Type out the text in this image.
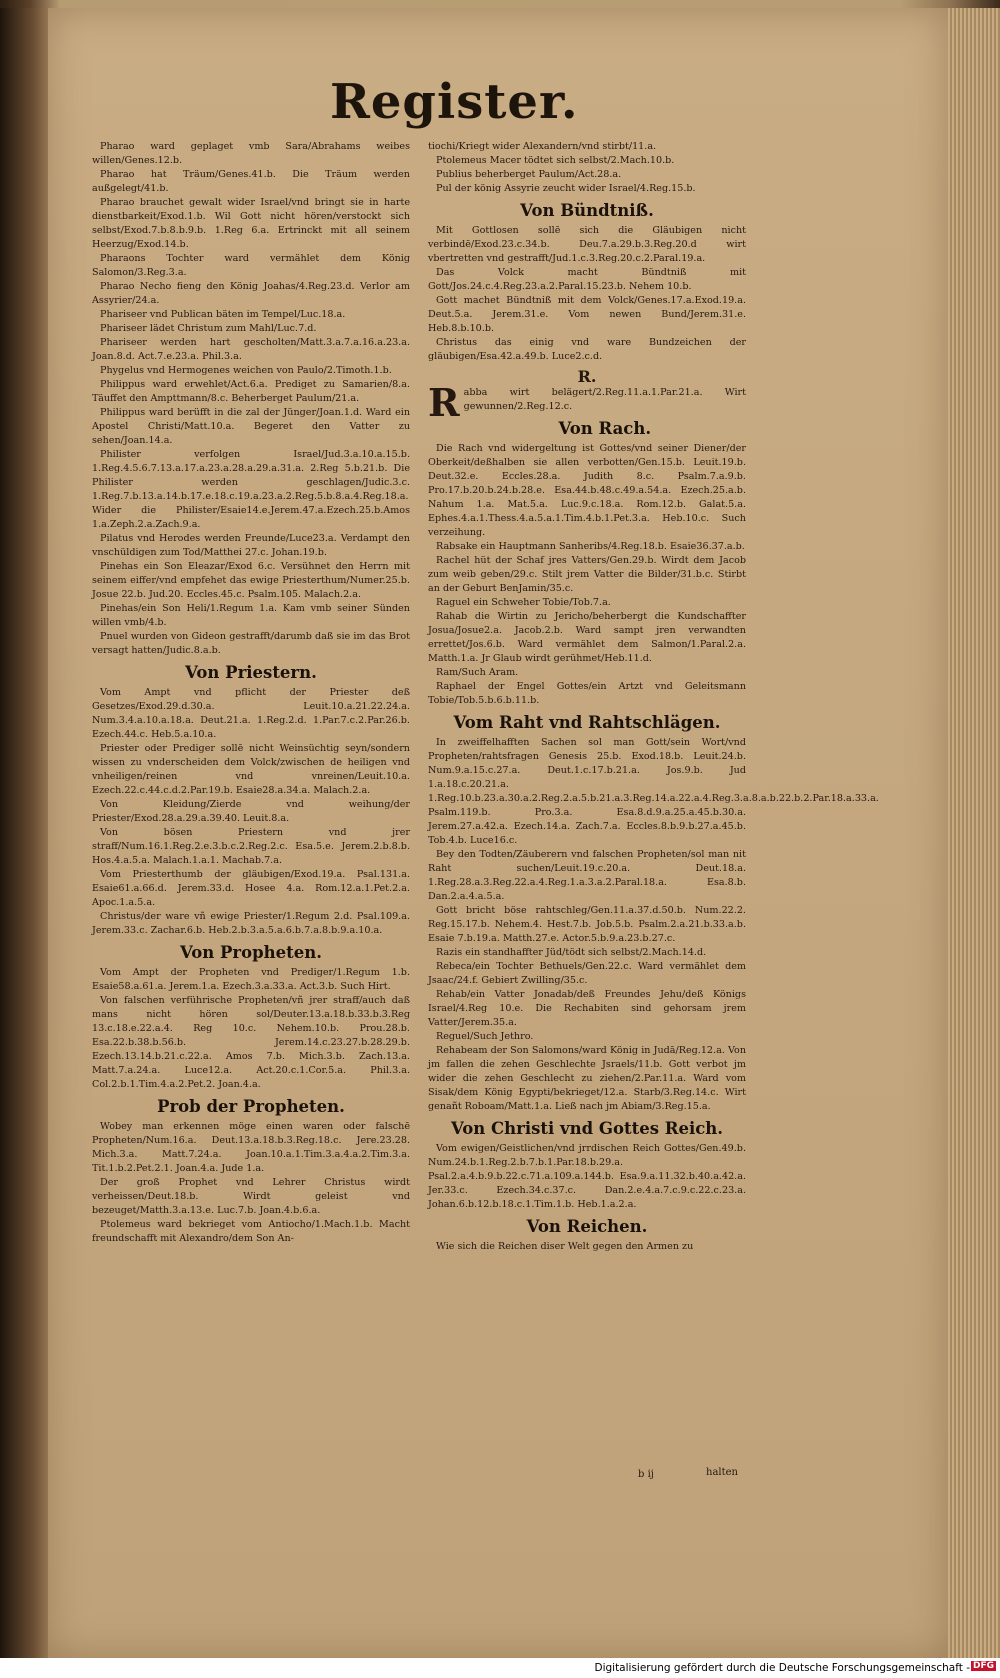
Register.
Pharao ward geplaget vmb Sara/Abrahams weibes willen/Genes.12.b.
Pharao hat Träum/Genes.41.b. Die Träum werden außgelegt/41.b.
Pharao brauchet gewalt wider Israel/vnd bringt sie in harte dienstbarkeit/Exod.1.b. Wil Gott nicht hören/verstockt sich selbst/Exod.7.b.8.b.9.b. 1.Reg 6.a. Ertrinckt mit all seinem Heerzug/Exod.14.b.
Pharaons Tochter ward vermählet dem König Salomon/3.Reg.3.a.
Pharao Necho fieng den König Joahas/4.Reg.23.d. Verlor am Assyrier/24.a.
Phariseer vnd Publican bäten im Tempel/Luc.18.a.
Phariseer lädet Christum zum Mahl/Luc.7.d.
Phariseer werden hart gescholten/Matt.3.a.7.a.16.a.23.a. Joan.8.d. Act.7.e.23.a. Phil.3.a.
Phygelus vnd Hermogenes weichen von Paulo/2.Timoth.1.b.
Philippus ward erwehlet/Act.6.a. Prediget zu Samarien/8.a. Täuffet den Ampttmann/8.c. Beherberget Paulum/21.a.
Philippus ward berüfft in die zal der Jünger/Joan.1.d. Ward ein Apostel Christi/Matt.10.a. Begeret den Vatter zu sehen/Joan.14.a.
Philister verfolgen Israel/Jud.3.a.10.a.15.b. 1.Reg.4.5.6.7.13.a.17.a.23.a.28.a.29.a.31.a. 2.Reg 5.b.21.b. Die Philister werden geschlagen/Judic.3.c. 1.Reg.7.b.13.a.14.b.17.e.18.c.19.a.23.a.2.Reg.5.b.8.a.4.Reg.18.a. Wider die Philister/Esaie14.e.Jerem.47.a.Ezech.25.b.Amos 1.a.Zeph.2.a.Zach.9.a.
Pilatus vnd Herodes werden Freunde/Luce23.a. Verdampt den vnschüldigen zum Tod/Matthei 27.c. Johan.19.b.
Pinehas ein Son Eleazar/Exod 6.c. Versühnet den Herrn mit seinem eiffer/vnd empfehet das ewige Priesterthum/Numer.25.b. Josue 22.b. Jud.20. Eccles.45.c. Psalm.105. Malach.2.a.
Pinehas/ein Son Heli/1.Regum 1.a. Kam vmb seiner Sünden willen vmb/4.b.
Pnuel wurden von Gideon gestrafft/darumb daß sie im das Brot versagt hatten/Judic.8.a.b.
Von Priestern.
Vom Ampt vnd pflicht der Priester deß Gesetzes/Exod.29.d.30.a. Leuit.10.a.21.22.24.a. Num.3.4.a.10.a.18.a. Deut.21.a. 1.Reg.2.d. 1.Par.7.c.2.Par.26.b. Ezech.44.c. Heb.5.a.10.a.
Priester oder Prediger sollē nicht Weinsüchtig seyn/sondern wissen zu vnderscheiden dem Volck/zwischen de heiligen vnd vnheiligen/reinen vnd vnreinen/Leuit.10.a. Ezech.22.c.44.c.d.2.Par.19.b. Esaie28.a.34.a. Malach.2.a.
Von Kleidung/Zierde vnd weihung/der Priester/Exod.28.a.29.a.39.40. Leuit.8.a.
Von bösen Priestern vnd jrer straff/Num.16.1.Reg.2.e.3.b.c.2.Reg.2.c. Esa.5.e. Jerem.2.b.8.b. Hos.4.a.5.a. Malach.1.a.1. Machab.7.a.
Vom Priesterthumb der gläubigen/Exod.19.a. Psal.131.a. Esaie61.a.66.d. Jerem.33.d. Hosee 4.a. Rom.12.a.1.Pet.2.a. Apoc.1.a.5.a.
Christus/der ware vñ ewige Priester/1.Regum 2.d. Psal.109.a. Jerem.33.c. Zachar.6.b. Heb.2.b.3.a.5.a.6.b.7.a.8.b.9.a.10.a.
Von Propheten.
Vom Ampt der Propheten vnd Prediger/1.Regum 1.b. Esaie58.a.61.a. Jerem.1.a. Ezech.3.a.33.a. Act.3.b. Such Hirt.
Von falschen verführische Propheten/vñ jrer straff/auch daß mans nicht hören sol/Deuter.13.a.18.b.33.b.3.Reg 13.c.18.e.22.a.4. Reg 10.c. Nehem.10.b. Prou.28.b. Esa.22.b.38.b.56.b. Jerem.14.c.23.27.b.28.29.b. Ezech.13.14.b.21.c.22.a. Amos 7.b. Mich.3.b. Zach.13.a. Matt.7.a.24.a. Luce12.a. Act.20.c.1.Cor.5.a. Phil.3.a. Col.2.b.1.Tim.4.a.2.Pet.2. Joan.4.a.
Prob der Propheten.
Wobey man erkennen möge einen waren oder falschē Propheten/Num.16.a. Deut.13.a.18.b.3.Reg.18.c. Jere.23.28. Mich.3.a. Matt.7.24.a. Joan.10.a.1.Tim.3.a.4.a.2.Tim.3.a. Tit.1.b.2.Pet.2.1. Joan.4.a. Jude 1.a.
Der groß Prophet vnd Lehrer Christus wirdt verheissen/Deut.18.b. Wirdt geleist vnd bezeuget/Matth.3.a.13.e. Luc.7.b. Joan.4.b.6.a.
Ptolemeus ward bekrieget vom Antiocho/1.Mach.1.b. Macht freundschafft mit Alexandro/dem Son An-
tiochi/Kriegt wider Alexandern/vnd stirbt/11.a.
Ptolemeus Macer tödtet sich selbst/2.Mach.10.b.
Publius beherberget Paulum/Act.28.a.
Pul der könig Assyrie zeucht wider Israel/4.Reg.15.b.
Von Bündtniß.
Mit Gottlosen sollē sich die Gläubigen nicht verbindē/Exod.23.c.34.b. Deu.7.a.29.b.3.Reg.20.d wirt vbertretten vnd gestrafft/Jud.1.c.3.Reg.20.c.2.Paral.19.a.
Das Volck macht Bündtniß mit Gott/Jos.24.c.4.Reg.23.a.2.Paral.15.23.b. Nehem 10.b.
Gott machet Bündtniß mit dem Volck/Genes.17.a.Exod.19.a. Deut.5.a. Jerem.31.e. Vom newen Bund/Jerem.31.e. Heb.8.b.10.b.
Christus das einig vnd ware Bundzeichen der gläubigen/Esa.42.a.49.b. Luce2.c.d.
R.
Rabba wirt belägert/2.Reg.11.a.1.Par.21.a. Wirt gewunnen/2.Reg.12.c.
Von Rach.
Die Rach vnd widergeltung ist Gottes/vnd seiner Diener/der Oberkeit/deßhalben sie allen verbotten/Gen.15.b. Leuit.19.b. Deut.32.e. Eccles.28.a. Judith 8.c. Psalm.7.a.9.b. Pro.17.b.20.b.24.b.28.e. Esa.44.b.48.c.49.a.54.a. Ezech.25.a.b. Nahum 1.a. Mat.5.a. Luc.9.c.18.a. Rom.12.b. Galat.5.a. Ephes.4.a.1.Thess.4.a.5.a.1.Tim.4.b.1.Pet.3.a. Heb.10.c. Such verzeihung.
Rabsake ein Hauptmann Sanheribs/4.Reg.18.b. Esaie36.37.a.b.
Rachel hüt der Schaf jres Vatters/Gen.29.b. Wirdt dem Jacob zum weib geben/29.c. Stilt jrem Vatter die Bilder/31.b.c. Stirbt an der Geburt BenJamin/35.c.
Raguel ein Schweher Tobie/Tob.7.a.
Rahab die Wirtin zu Jericho/beherbergt die Kundschaffter Josua/Josue2.a. Jacob.2.b. Ward sampt jren verwandten errettet/Jos.6.b. Ward vermählet dem Salmon/1.Paral.2.a. Matth.1.a. Jr Glaub wirdt gerühmet/Heb.11.d.
Ram/Such Aram.
Raphael der Engel Gottes/ein Artzt vnd Geleitsmann Tobie/Tob.5.b.6.b.11.b.
Vom Raht vnd Rahtschlägen.
In zweiffelhafften Sachen sol man Gott/sein Wort/vnd Propheten/rahtsfragen Genesis 25.b. Exod.18.b. Leuit.24.b. Num.9.a.15.c.27.a. Deut.1.c.17.b.21.a. Jos.9.b. Jud 1.a.18.c.20.21.a. 1.Reg.10.b.23.a.30.a.2.Reg.2.a.5.b.21.a.3.Reg.14.a.22.a.4.Reg.3.a.8.a.b.22.b.2.Par.18.a.33.a. Psalm.119.b. Pro.3.a. Esa.8.d.9.a.25.a.45.b.30.a. Jerem.27.a.42.a. Ezech.14.a. Zach.7.a. Eccles.8.b.9.b.27.a.45.b. Tob.4.b. Luce16.c.
Bey den Todten/Zäuberern vnd falschen Propheten/sol man nit Raht suchen/Leuit.19.c.20.a. Deut.18.a. 1.Reg.28.a.3.Reg.22.a.4.Reg.1.a.3.a.2.Paral.18.a. Esa.8.b. Dan.2.a.4.a.5.a.
Gott bricht böse rahtschleg/Gen.11.a.37.d.50.b. Num.22.2. Reg.15.17.b. Nehem.4. Hest.7.b. Job.5.b. Psalm.2.a.21.b.33.a.b. Esaie 7.b.19.a. Matth.27.e. Actor.5.b.9.a.23.b.27.c.
Razis ein standhaffter Jüd/tödt sich selbst/2.Mach.14.d.
Rebeca/ein Tochter Bethuels/Gen.22.c. Ward vermählet dem Jsaac/24.f. Gebiert Zwilling/35.c.
Rehab/ein Vatter Jonadab/deß Freundes Jehu/deß Königs Israel/4.Reg 10.e. Die Rechabiten sind gehorsam jrem Vatter/Jerem.35.a.
Reguel/Such Jethro.
Rehabeam der Son Salomons/ward König in Judā/Reg.12.a. Von jm fallen die zehen Geschlechte Jsraels/11.b. Gott verbot jm wider die zehen Geschlecht zu ziehen/2.Par.11.a. Ward vom Sisak/dem König Egypti/bekrieget/12.a. Starb/3.Reg.14.c. Wirt genañt Roboam/Matt.1.a. Ließ nach jm Abiam/3.Reg.15.a.
Von Christi vnd Gottes Reich.
Vom ewigen/Geistlichen/vnd jrrdischen Reich Gottes/Gen.49.b. Num.24.b.1.Reg.2.b.7.b.1.Par.18.b.29.a. Psal.2.a.4.b.9.b.22.c.71.a.109.a.144.b. Esa.9.a.11.32.b.40.a.42.a. Jer.33.c. Ezech.34.c.37.c. Dan.2.e.4.a.7.c.9.c.22.c.23.a. Johan.6.b.12.b.18.c.1.Tim.1.b. Heb.1.a.2.a.
Von Reichen.
Wie sich die Reichen diser Welt gegen den Armen zu
b ij	halten
Digitalisierung gefördert durch die Deutsche Forschungsgemeinschaft - DFG
